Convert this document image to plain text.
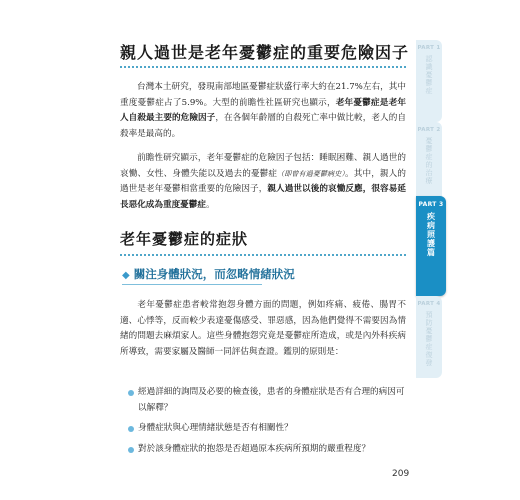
親人過世是老年憂鬱症的重要危險因子
台灣本土研究，發現南部地區憂鬱症狀盛行率大約在21.7%左右，其中重度憂鬱症占了5.9%。大型的前瞻性社區研究也顯示，老年憂鬱症是老年人自殺最主要的危險因子，在各個年齡層的自殺死亡率中做比較，老人的自殺率是最高的。
前瞻性研究顯示，老年憂鬱症的危險因子包括：睡眠困難、親人過世的哀慟、女性、身體失能以及過去的憂鬱症（即曾有過憂鬱病史）。其中，親人的過世是老年憂鬱相當重要的危險因子，親人過世以後的哀慟反應，很容易延長惡化成為重度憂鬱症。
老年憂鬱症的症狀
◆ 關注身體狀況，而忽略情緒狀況
老年憂鬱症患者較常抱怨身體方面的問題，例如疼痛、疲倦、腸胃不適、心悸等，反而較少表達憂傷感受、罪惡感，因為他們覺得不需要因為情緒的問題去麻煩家人。這些身體抱怨究竟是憂鬱症所造成，或是內外科疾病所導致，需要家屬及醫師一同評估與查證。鑑別的原則是：
經過詳細的詢問及必要的檢查後，患者的身體症狀是否有合理的病因可以解釋？
身體症狀與心理情緒狀態是否有相關性？
對於該身體症狀的抱怨是否超過原本疾病所預期的嚴重程度？
209
PART 1
認識憂鬱症
PART 2
憂鬱症的治療
PART 3
疾病照護篇
PART 4
預防憂鬱症復發
